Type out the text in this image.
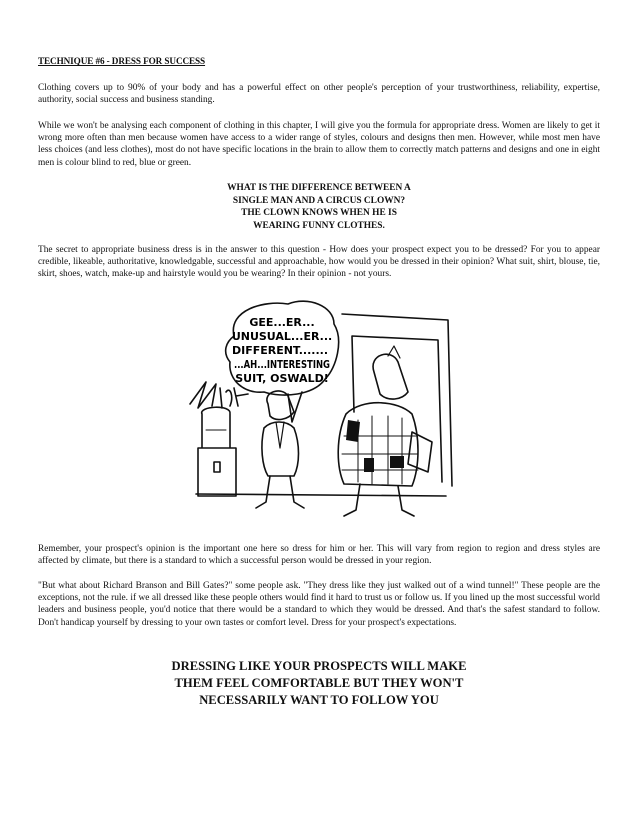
TECHNIQUE #6 - DRESS FOR SUCCESS

Clothing covers up to 90% of your body and has a powerful effect on other people's perception of your trustworthiness, reliability, expertise, authority, social success and business standing.

While we won't be analysing each component of clothing in this chapter, I will give you the formula for appropriate dress. Women are likely to get it wrong more often than men because women have access to a wider range of styles, colours and designs then men. However, while most men have less choices (and less clothes), most do not have specific locations in the brain to allow them to correctly match patterns and designs and one in eight men is colour blind to red, blue or green.

WHAT IS THE DIFFERENCE BETWEEN A
SINGLE MAN AND A CIRCUS CLOWN?
THE CLOWN KNOWS WHEN HE IS
WEARING FUNNY CLOTHES.

The secret to appropriate business dress is in the answer to this question - How does your prospect expect you to be dressed? For you to appear credible, likeable, authoritative, knowledgable, successful and approachable, how would you be dressed in their opinion? What suit, shirt, blouse, tie, skirt, shoes, watch, make-up and hairstyle would you be wearing? In their opinion - not yours.

GEE...ER...
UNUSUAL...ER...
DIFFERENT.......
...AH...INTERESTING
SUIT, OSWALD!

Remember, your prospect's opinion is the important one here so dress for him or her. This will vary from region to region and dress styles are affected by climate, but there is a standard to which a successful person would be dressed in your region.

"But what about Richard Branson and Bill Gates?" some people ask. "They dress like they just walked out of a wind tunnel!" These people are the exceptions, not the rule. if we all dressed like these people others would find it hard to trust us or follow us. If you lined up the most successful world leaders and business people, you'd notice that there would be a standard to which they would be dressed. And that's the safest standard to follow. Don't handicap yourself by dressing to your own tastes or comfort level. Dress for your prospect's expectations.

DRESSING LIKE YOUR PROSPECTS WILL MAKE
THEM FEEL COMFORTABLE BUT THEY WON'T
NECESSARILY WANT TO FOLLOW YOU
